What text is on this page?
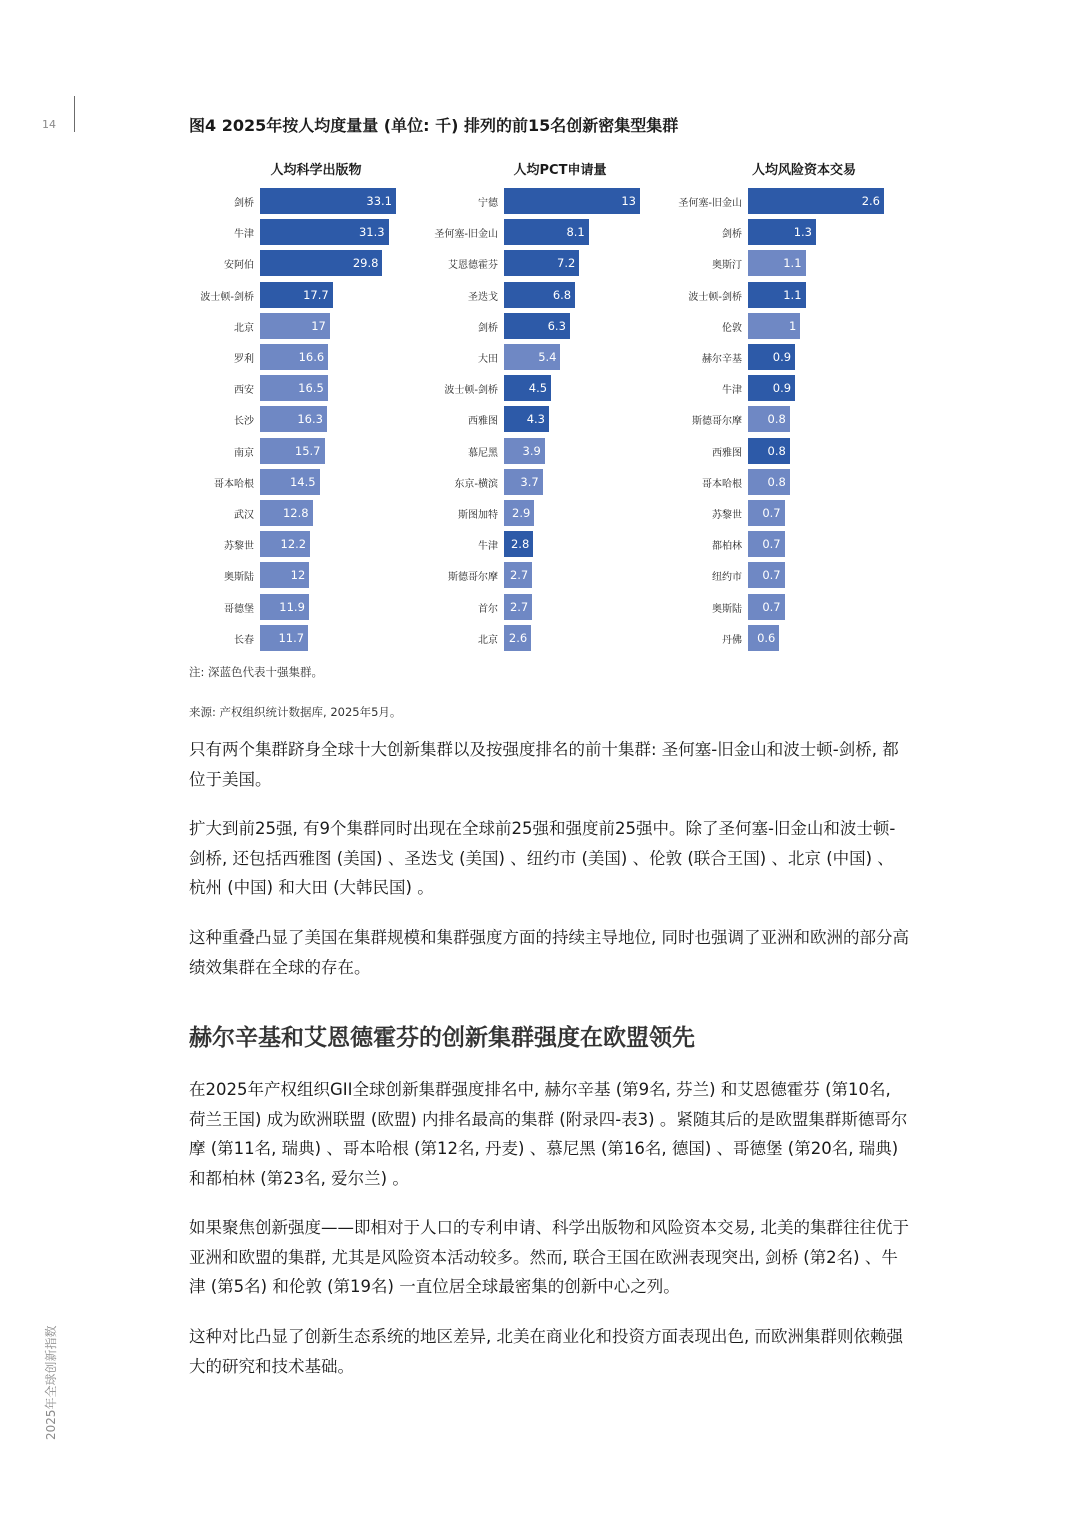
14
2025年全球创新指数
图4 2025年按人均度量量 (单位: 千) 排列的前15名创新密集型集群
人均科学出版物
剑桥	33.1
牛津	31.3
安阿伯	29.8
波士顿-剑桥	17.7
北京	17
罗利	16.6
西安	16.5
长沙	16.3
南京	15.7
哥本哈根	14.5
武汉	12.8
苏黎世	12.2
奥斯陆	12
哥德堡	11.9
长春	11.7
人均PCT申请量
宁德	13
圣何塞-旧金山	8.1
艾恩德霍芬	7.2
圣迭戈	6.8
剑桥	6.3
大田	5.4
波士顿-剑桥	4.5
西雅图	4.3
慕尼黑	3.9
东京-横滨	3.7
斯图加特	2.9
牛津	2.8
斯德哥尔摩	2.7
首尔	2.7
北京 2.6
人均风险资本交易
圣何塞-旧金山	2.6
剑桥	1.3
奥斯汀	1.1
波士顿-剑桥	1.1
伦敦	1
赫尔辛基	0.9
牛津	0.9
斯德哥尔摩	0.8
西雅图	0.8
哥本哈根	0.8
苏黎世	0.7
都柏林	0.7
纽约市	0.7
奥斯陆	0.7
丹佛	0.6
注: 深蓝色代表十强集群。
来源: 产权组织统计数据库, 2025年5月。
只有两个集群跻身全球十大创新集群以及按强度排名的前十集群: 圣何塞-旧金山和波士顿-剑桥, 都位于美国。
扩大到前25强, 有9个集群同时出现在全球前25强和强度前25强中。除了圣何塞-旧金山和波士顿-剑桥, 还包括西雅图 (美国) 、圣迭戈 (美国) 、纽约市 (美国) 、伦敦 (联合王国) 、北京 (中国) 、杭州 (中国) 和大田 (大韩民国) 。
这种重叠凸显了美国在集群规模和集群强度方面的持续主导地位, 同时也强调了亚洲和欧洲的部分高绩效集群在全球的存在。
赫尔辛基和艾恩德霍芬的创新集群强度在欧盟领先
在2025年产权组织GII全球创新集群强度排名中, 赫尔辛基 (第9名, 芬兰) 和艾恩德霍芬 (第10名, 荷兰王国) 成为欧洲联盟 (欧盟) 内排名最高的集群 (附录四-表3) 。紧随其后的是欧盟集群斯德哥尔摩 (第11名, 瑞典) 、哥本哈根 (第12名, 丹麦) 、慕尼黑 (第16名, 德国) 、哥德堡 (第20名, 瑞典) 和都柏林 (第23名, 爱尔兰) 。
如果聚焦创新强度——即相对于人口的专利申请、科学出版物和风险资本交易, 北美的集群往往优于亚洲和欧盟的集群, 尤其是风险资本活动较多。然而, 联合王国在欧洲表现突出, 剑桥 (第2名) 、牛津 (第5名) 和伦敦 (第19名) 一直位居全球最密集的创新中心之列。
这种对比凸显了创新生态系统的地区差异, 北美在商业化和投资方面表现出色, 而欧洲集群则依赖强大的研究和技术基础。
